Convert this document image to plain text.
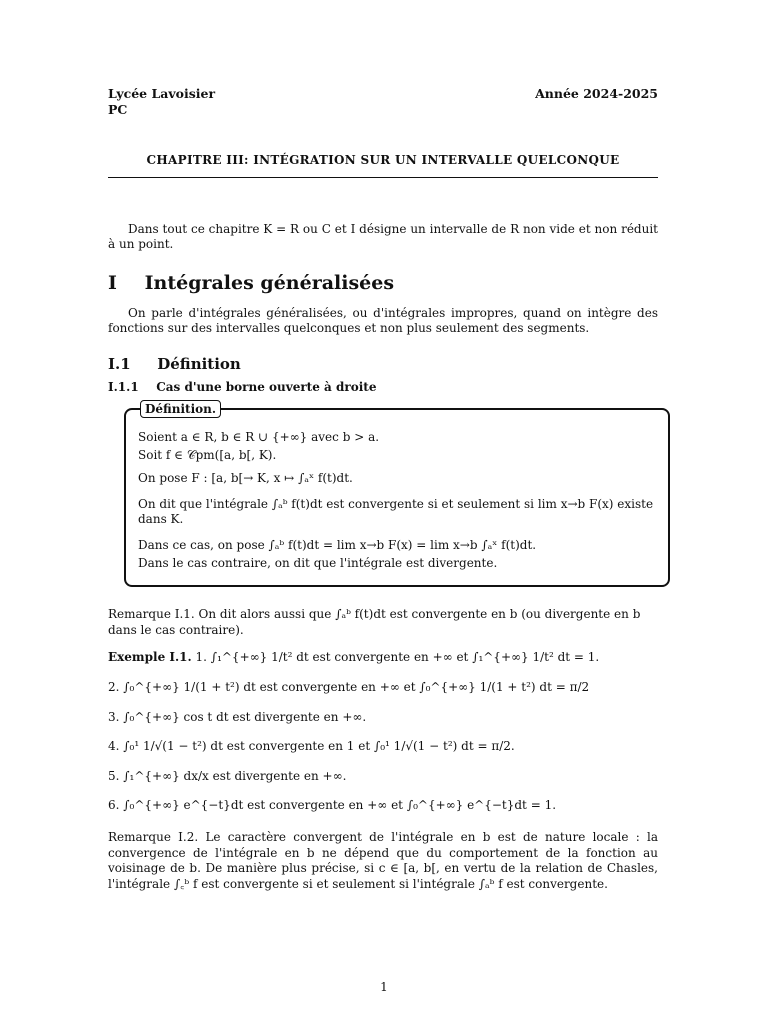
Lycée Lavoisier
PC
Année 2024-2025
CHAPITRE III: INTÉGRATION SUR UN INTERVALLE QUELCONQUE

Dans tout ce chapitre K = R ou C et I désigne un intervalle de R non vide et non réduit à un point.

I Intégrales généralisées

On parle d'intégrales généralisées, ou d'intégrales impropres, quand on intègre des fonctions sur des intervalles quelconques et non plus seulement des segments.

I.1 Définition
I.1.1 Cas d'une borne ouverte à droite
Définition.
Soient a ∈ R, b ∈ R ∪ {+∞} avec b > a.
Soit f ∈ 𝒞pm([a, b[, K).
On pose F : [a, b[→ K, x ↦ ∫ₐˣ f(t)dt.
On dit que l'intégrale ∫ₐᵇ f(t)dt est convergente si et seulement si lim x→b F(x) existe dans K.
Dans ce cas, on pose ∫ₐᵇ f(t)dt = lim x→b F(x) = lim x→b ∫ₐˣ f(t)dt.
Dans le cas contraire, on dit que l'intégrale est divergente.

Remarque I.1. On dit alors aussi que ∫ₐᵇ f(t)dt est convergente en b (ou divergente en b dans le cas contraire).

Exemple I.1. 1. ∫₁^{+∞} 1/t² dt est convergente en +∞ et ∫₁^{+∞} 1/t² dt = 1.
2. ∫₀^{+∞} 1/(1 + t²) dt est convergente en +∞ et ∫₀^{+∞} 1/(1 + t²) dt = π/2
3. ∫₀^{+∞} cos t dt est divergente en +∞.
4. ∫₀¹ 1/√(1 − t²) dt est convergente en 1 et ∫₀¹ 1/√(1 − t²) dt = π/2.
5. ∫₁^{+∞} dx/x est divergente en +∞.
6. ∫₀^{+∞} e^{−t}dt est convergente en +∞ et ∫₀^{+∞} e^{−t}dt = 1.

Remarque I.2. Le caractère convergent de l'intégrale en b est de nature locale : la convergence de l'intégrale en b ne dépend que du comportement de la fonction au voisinage de b. De manière plus précise, si c ∈ [a, b[, en vertu de la relation de Chasles, l'intégrale ∫꜀ᵇ f est convergente si et seulement si l'intégrale ∫ₐᵇ f est convergente.

1
